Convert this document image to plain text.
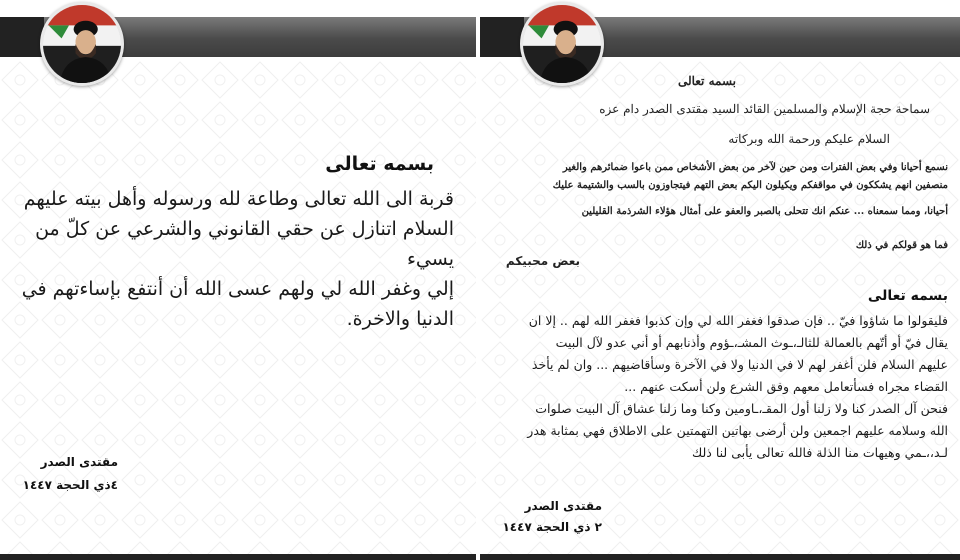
بسمه تعالى
قربة الى الله تعالى وطاعة لله ورسوله وأهل بيته عليهم
السلام اتنازل عن حقي القانوني والشرعي عن كلّ من يسيء
إلي وغفر الله لي ولهم عسى الله أن أنتفع بإساءتهم في
الدنيا والاخرة.
مقتدى الصدر
٤ذي الحجة ١٤٤٧
بسمه تعالى
سماحة حجة الإسلام والمسلمين القائد السيد مقتدى الصدر دام عزه
السلام عليكم ورحمة الله وبركاته
نسمع أحيانا وفي بعض الفترات ومن حين لآخر من بعض الأشخاص ممن باعوا ضمائرهم والغير
منصفين انهم يشككون في مواقفكم ويكيلون اليكم بعض التهم فيتجاوزون بالسب والشتيمة عليك
أحيانا، ومما سمعناه ... عنكم انك تتحلى بالصبر والعفو على أمثال هؤلاء الشرذمة القليلين
فما هو قولكم في ذلك
بعض محبيكم
بسمه تعالى
فليقولوا ما شاؤوا فيّ .. فإن صدقوا فغفر الله لي وإن كذبوا فغفر الله لهم .. إلا ان
يقال فيّ أو أتّهم بالعمالة للثالـ،ـوث المشـ،ـؤوم وأذنابهم أو أني عدو لآل البيت
عليهم السلام فلن أغفر لهم لا في الدنيا ولا في الآخرة وسأقاضيهم ... وان لم يأخذ
القضاء مجراه فسأتعامل معهم وفق الشرع ولن أسكت عنهم ...
فنحن آل الصدر كنا ولا زلنا أول المقـ،ـاومين وكنا وما زلنا عشاق آل البيت صلوات
الله وسلامه عليهم اجمعين ولن أرضى بهاتين التهمتين على الاطلاق فهي بمثابة هدر
لـد،،ـمي وهيهات منا الذلة فالله تعالى يأبى لنا ذلك
مقتدى الصدر
٢ ذي الحجة ١٤٤٧
